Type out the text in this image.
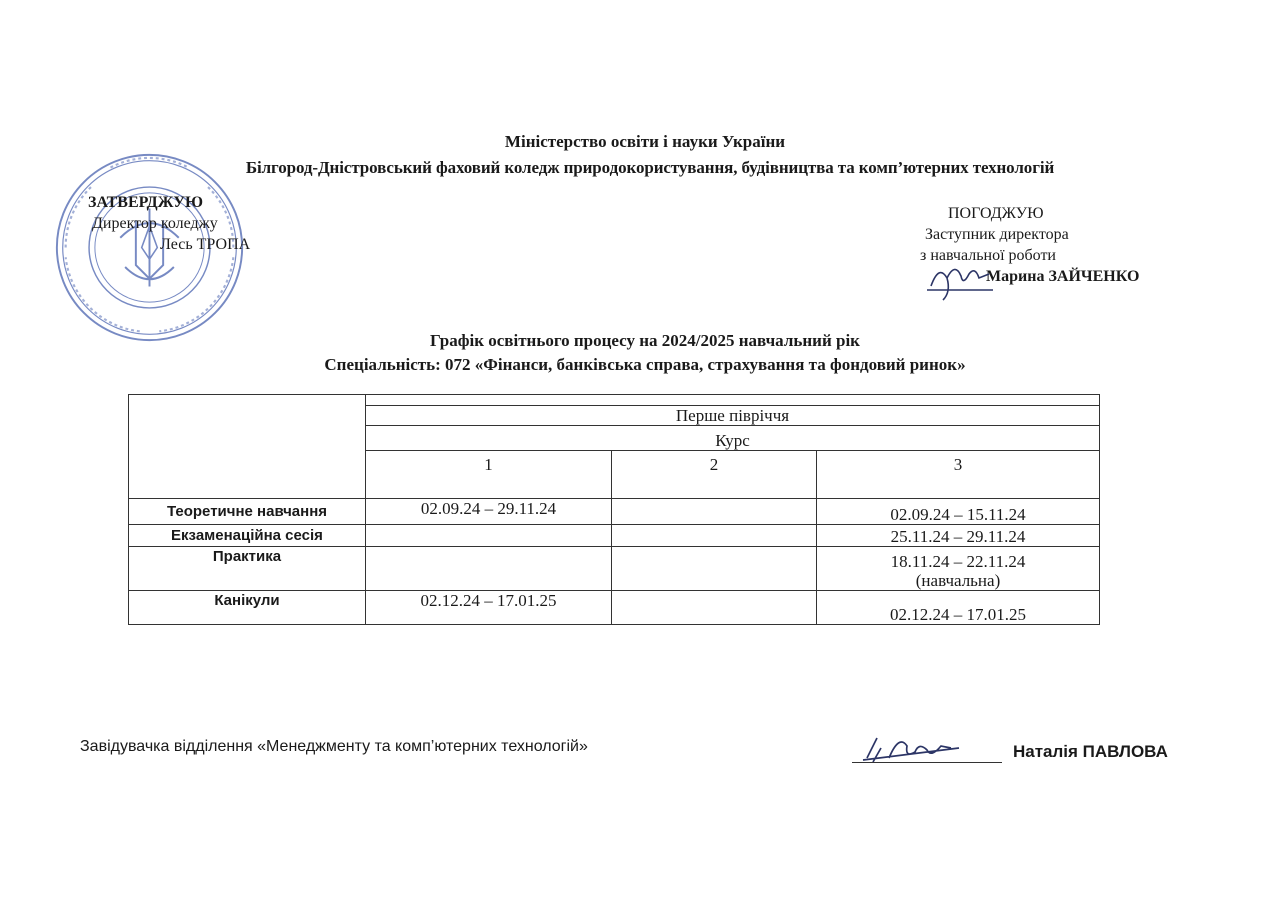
Міністерство освіти і науки України
Білгород-Дністровський фаховий коледж природокористування, будівництва та комп’ютерних технологій
ЗАТВЕРДЖУЮ
Директор коледжу
Лесь ТРОПА
ПОГОДЖУЮ
Заступник директора
з навчальної роботи
Марина ЗАЙЧЕНКО
Графік освітнього процесу на 2024/2025 навчальний рік
Спеціальність: 072 «Фінанси, банківська справа, страхування та фондовий ринок»

	Перше півріччя		
	Курс		
	1	2	3
Теоретичне навчання	02.09.24 – 29.11.24		02.09.24 – 15.11.24
Екзаменаційна сесія			25.11.24 – 29.11.24
Практика			18.11.24 – 22.11.24
(навчальна)

Канікули	02.12.24 – 17.01.25		02.12.24 – 17.01.25
Завідувачка відділення «Менеджменту та комп’ютерних технологій»	Наталія ПАВЛОВА
